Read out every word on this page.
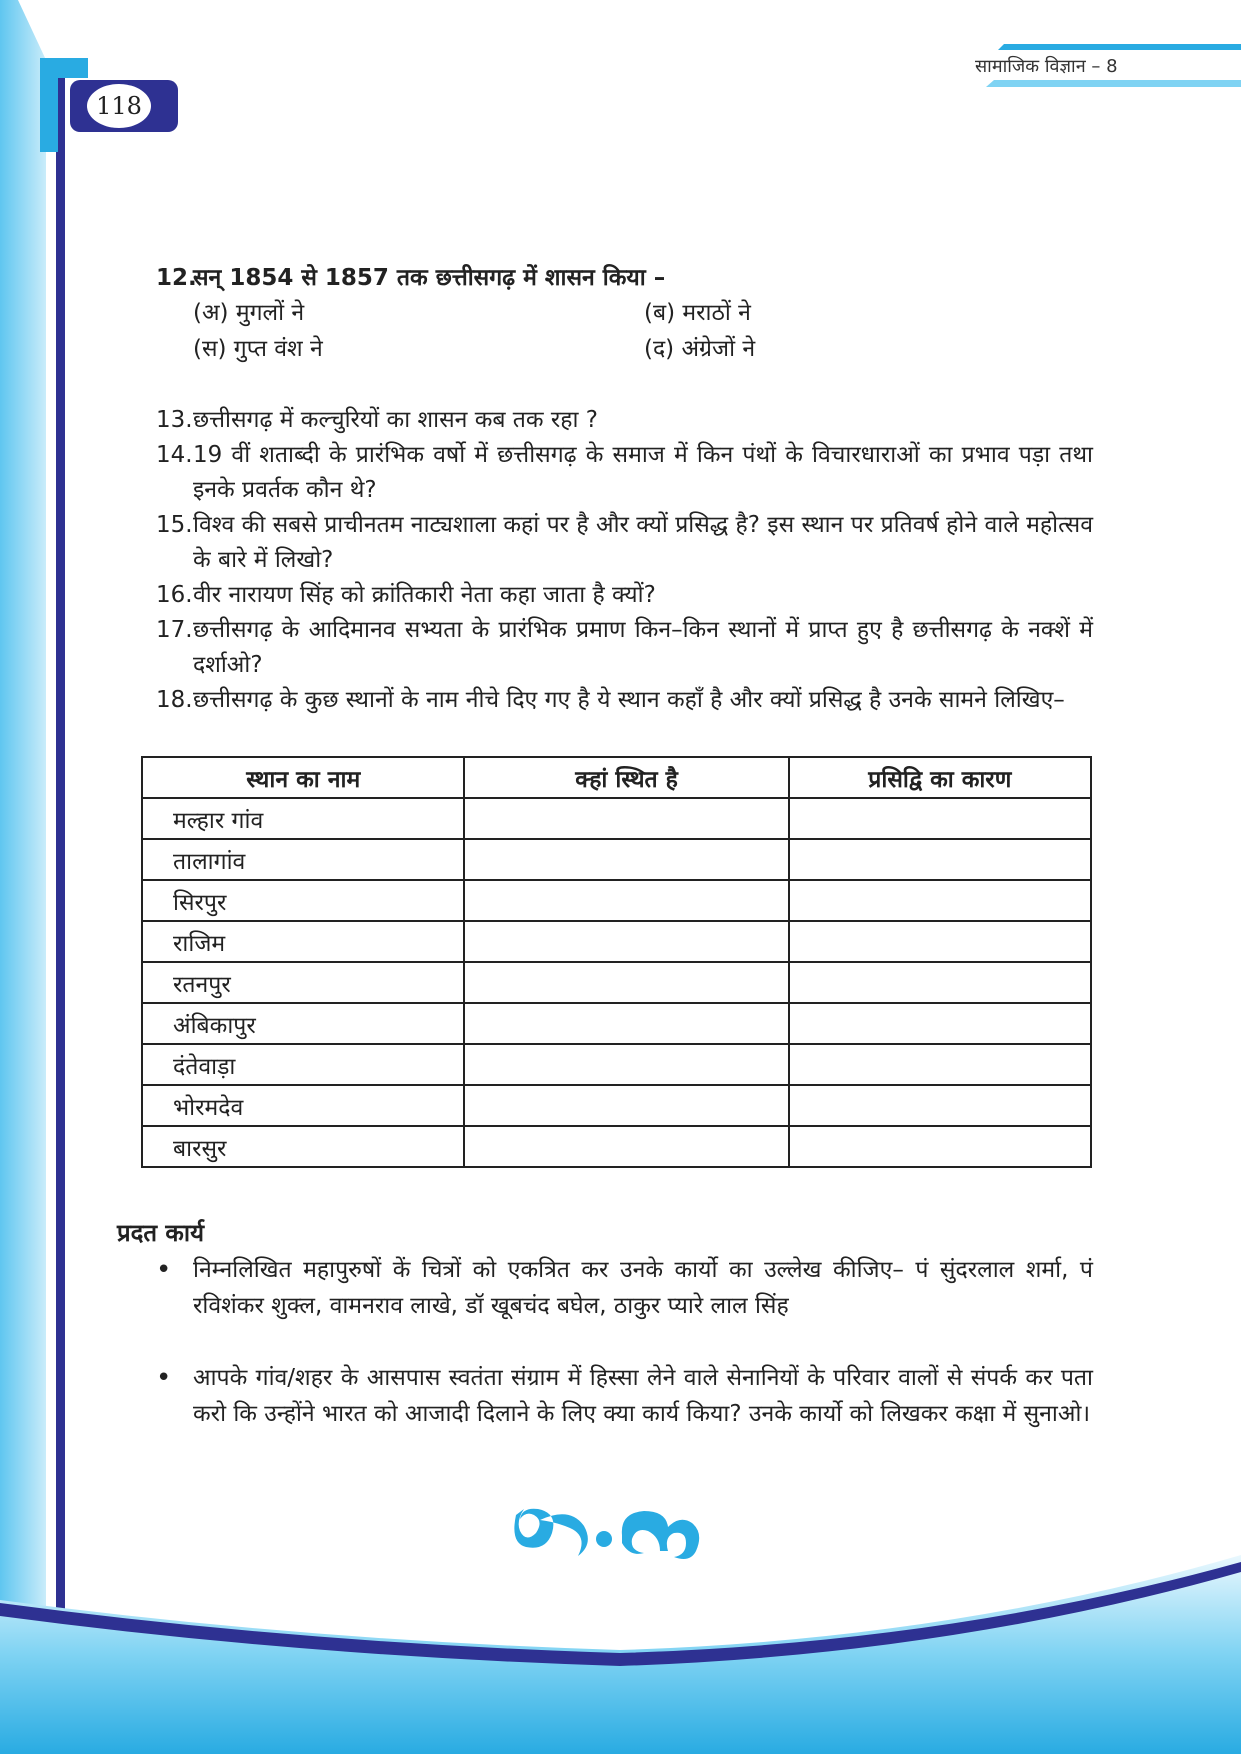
सामाजिक विज्ञान – 8
118
12.
सन् 1854 से 1857 तक छत्तीसगढ़ में शासन किया –
(अ) मुगलों ने	(ब) मराठों ने
(स) गुप्त वंश ने	(द) अंग्रेजों ने
13. छत्तीसगढ़ में कल्चुरियों का शासन कब तक रहा ?
14. 19 वीं शताब्दी के प्रारंभिक वर्षो में छत्तीसगढ़ के समाज में किन पंथों के विचारधाराओं का प्रभाव पड़ा तथा इनके प्रवर्तक कौन थे?
15. विश्व की सबसे प्राचीनतम नाट्यशाला कहां पर है और क्यों प्रसिद्ध है? इस स्थान पर प्रतिवर्ष होने वाले महोत्सव के बारे में लिखो?
16. वीर नारायण सिंह को क्रांतिकारी नेता कहा जाता है क्यों?
17. छत्तीसगढ़ के आदिमानव सभ्यता के प्रारंभिक प्रमाण किन–किन स्थानों में प्राप्त हुए है छत्तीसगढ़ के नक्शें में दर्शाओ?
18. छत्तीसगढ़ के कुछ स्थानों के नाम नीचे दिए गए है ये स्थान कहाँ है और क्यों प्रसिद्ध है उनके सामने लिखिए–
स्थान का नाम	क्हां स्थित है	प्रसिद्वि का कारण
मल्हार गांव		
तालागांव		
सिरपुर		
राजिम		
रतनपुर		
अंबिकापुर		
दंतेवाड़ा		
भोरमदेव		
बारसुर		
प्रदत कार्य
• निम्नलिखित महापुरुषों कें चित्रों को एकत्रित कर उनके कार्यो का उल्लेख कीजिए– पं सुंदरलाल शर्मा, पं रविशंकर शुक्ल, वामनराव लाखे, डॉ खूबचंद बघेल, ठाकुर प्यारे लाल सिंह
• आपके गांव/शहर के आसपास स्वतंता संग्राम में हिस्सा लेने वाले सेनानियों के परिवार वालों से संपर्क कर पता करो कि उन्होंने भारत को आजादी दिलाने के लिए क्या कार्य किया? उनके कार्यो को लिखकर कक्षा में सुनाओ।
